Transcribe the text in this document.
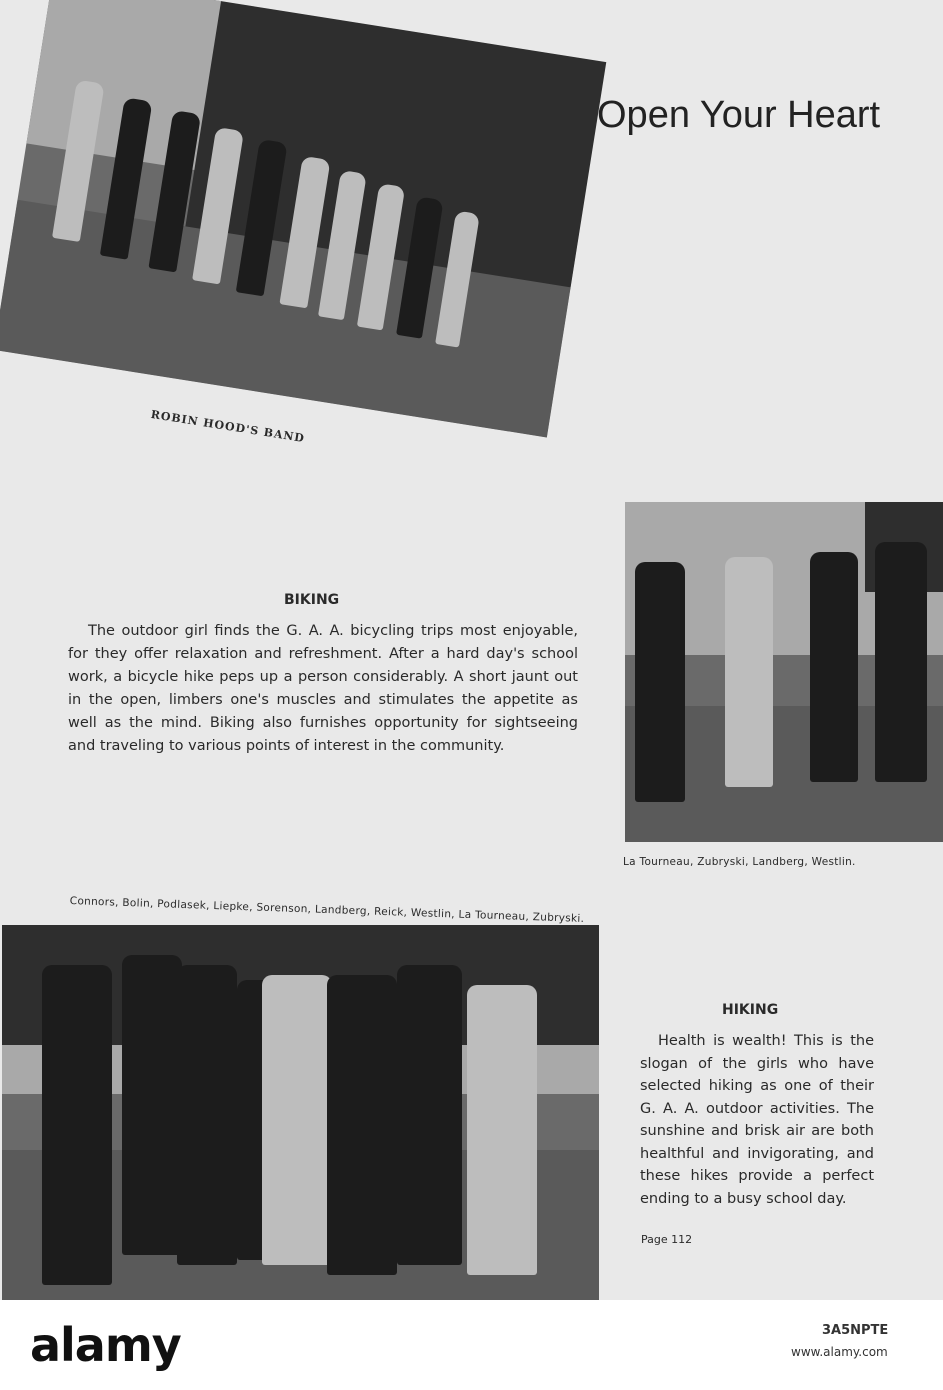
ROBIN HOOD'S BAND
Open Your Heart
BIKING
The outdoor girl finds the G. A. A. bicycling trips most enjoyable, for they offer relaxation and refreshment. After a hard day's school work, a bicycle hike peps up a person considerably. A short jaunt out in the open, limbers one's muscles and stimulates the appetite as well as the mind. Biking also furnishes opportunity for sightseeing and traveling to various points of interest in the community.
La Tourneau, Zubryski, Landberg, Westlin.
Connors, Bolin, Podlasek, Liepke, Sorenson, Landberg, Reick, Westlin, La Tourneau, Zubryski.
HIKING
Health is wealth! This is the slogan of the girls who have selected hiking as one of their G. A. A. outdoor activities. The sunshine and brisk air are both healthful and invigorating, and these hikes provide a perfect ending to a busy school day.
Page 112
alamy	3A5NPTE
www.alamy.com
